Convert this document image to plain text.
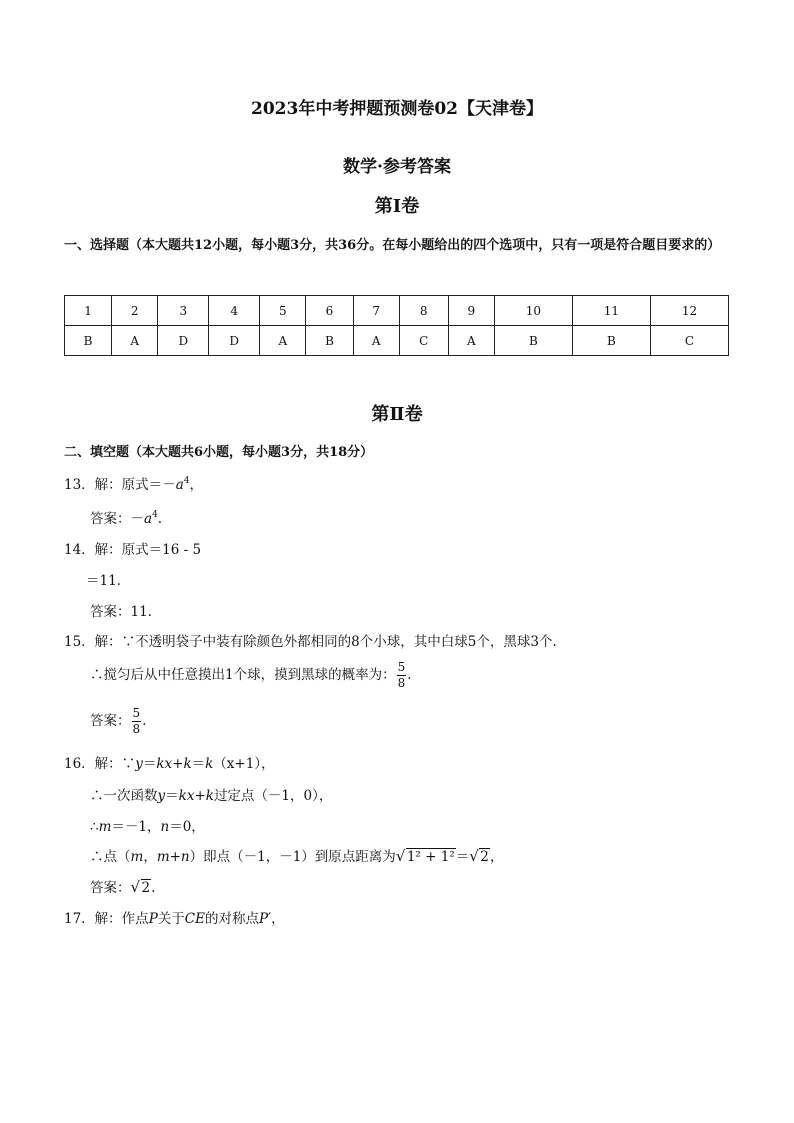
2023年中考押题预测卷02【天津卷】
数学·参考答案
第Ⅰ卷
一、选择题（本大题共12小题，每小题3分，共36分。在每小题给出的四个选项中，只有一项是符合题目要求的）
1	2	3	4	5	6	7	8	9	10	11	12
B	A	D	D	A	B	A	C	A	B	B	C
第Ⅱ卷
二、填空题（本大题共6小题，每小题3分，共18分）
13．解：原式$=-a^4$，
答案：$-a^4$.
14．解：原式＝16 - 5
＝11.
答案：11.
15．解：∵不透明袋子中装有除颜色外都相同的8个小球，其中白球5个，黑球3个.
∴搅匀后从中任意摸出1个球，摸到黑球的概率为： $\frac{5}{8}$ .
答案： $\frac{5}{8}$ .
16．解：∵y＝kx+k＝k（x+1），
∴一次函数y＝kx+k过定点（－1，0），
∴m＝－1，n＝0，
∴点（m，m+n）即点（－1，－1）到原点距离为 √ 1² + 1²＝ √ 2，
答案： √ 2.
17．解：作点P关于CE的对称点P′，
